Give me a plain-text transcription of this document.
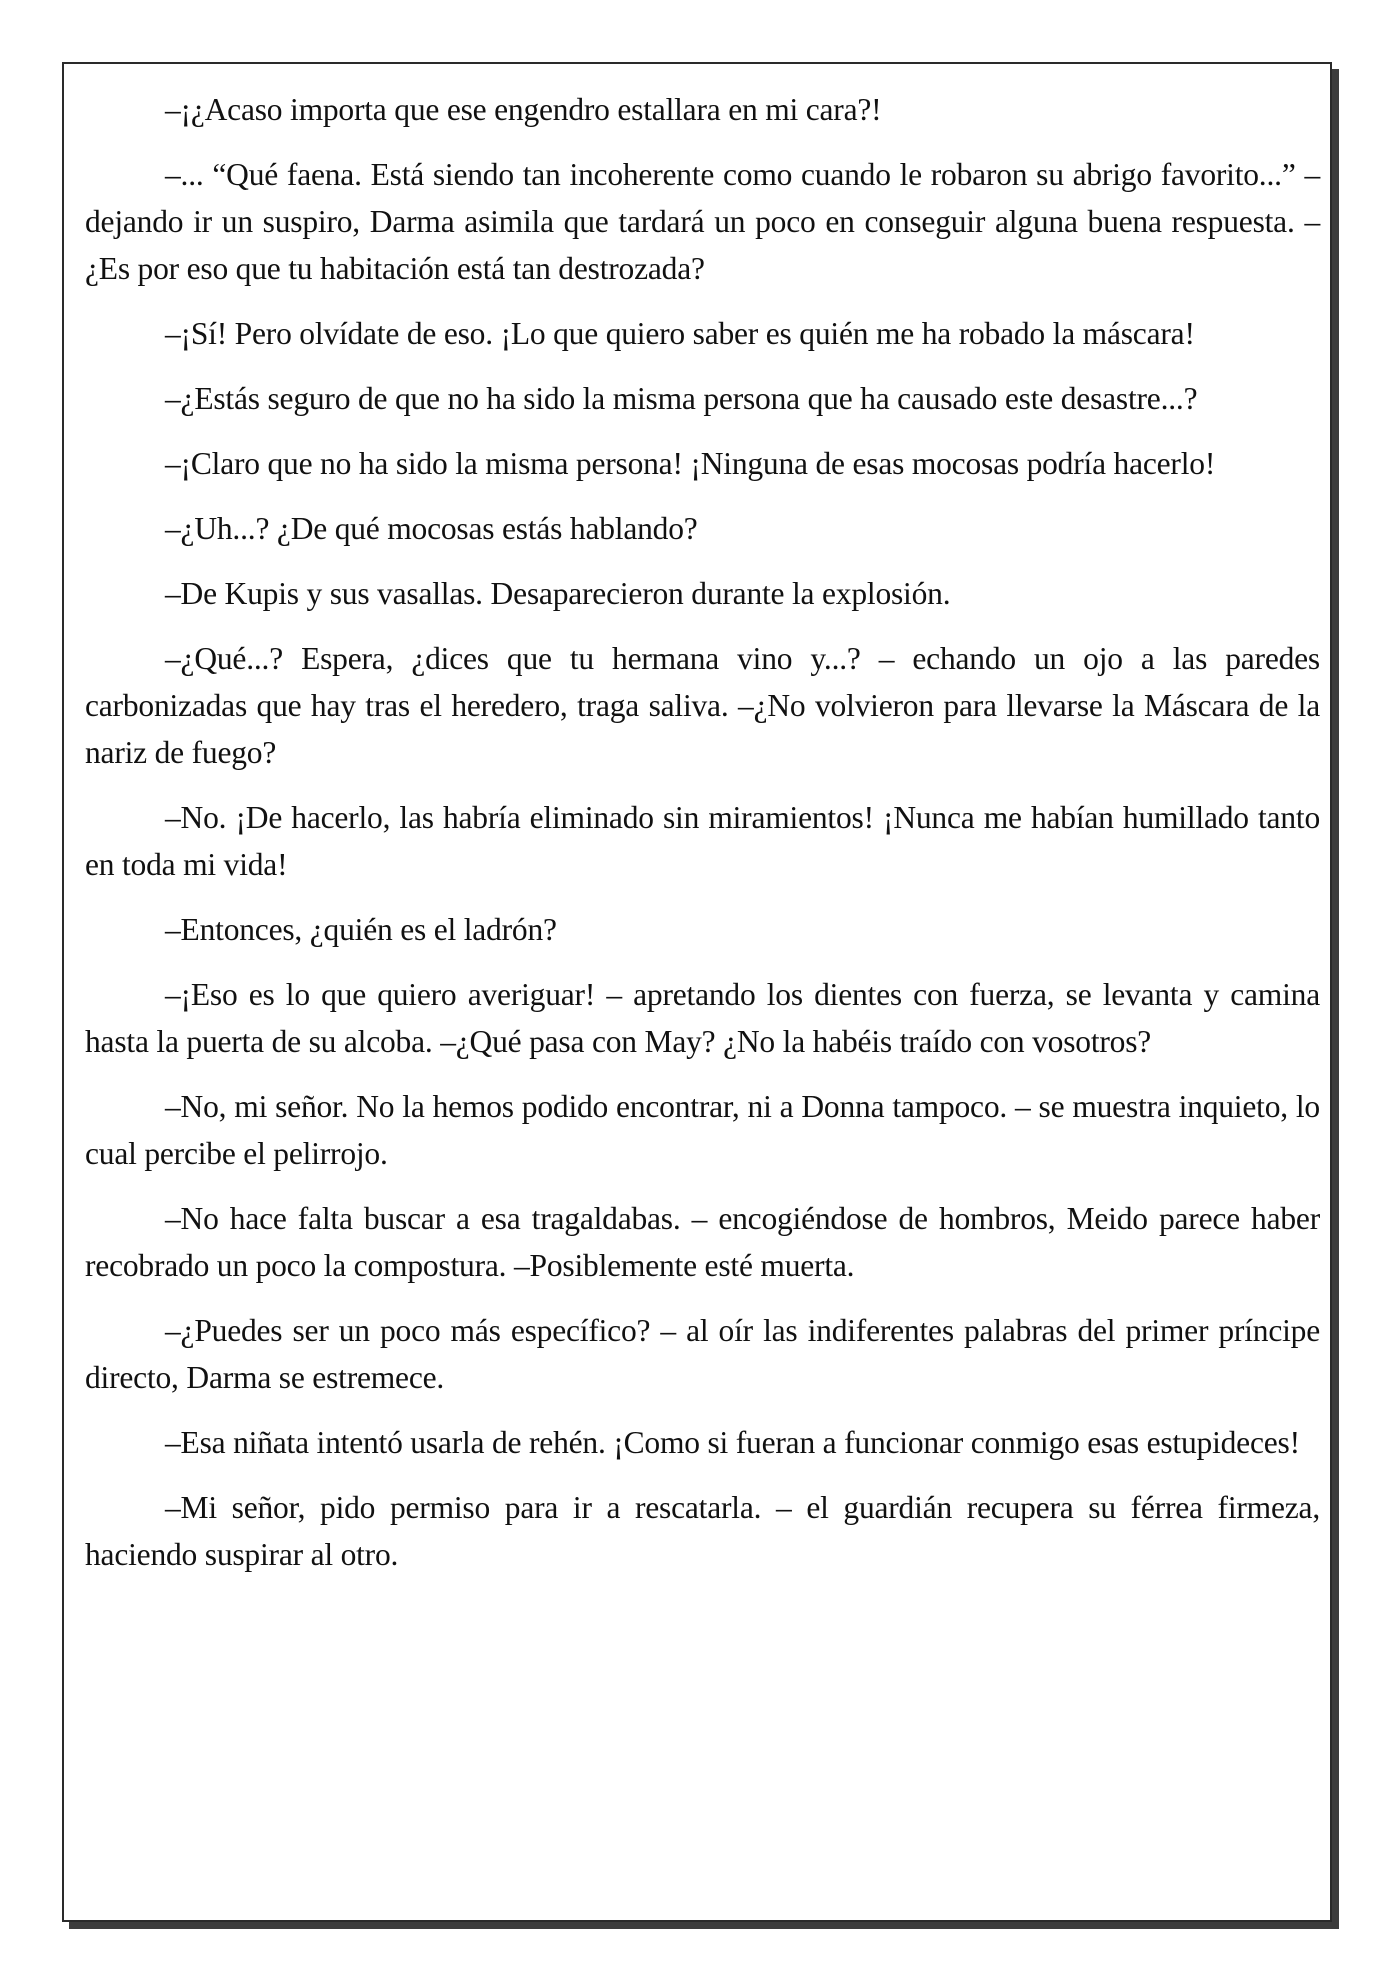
–¡¿Acaso importa que ese engendro estallara en mi cara?!

–... “Qué faena. Está siendo tan incoherente como cuando le robaron su abrigo favorito...” – dejando ir un suspiro, Darma asimila que tardará un poco en conseguir alguna buena respuesta. –¿Es por eso que tu habitación está tan destrozada?

–¡Sí! Pero olvídate de eso. ¡Lo que quiero saber es quién me ha robado la máscara!

–¿Estás seguro de que no ha sido la misma persona que ha causado este desastre...?

–¡Claro que no ha sido la misma persona! ¡Ninguna de esas mocosas podría hacerlo!

–¿Uh...? ¿De qué mocosas estás hablando?

–De Kupis y sus vasallas. Desaparecieron durante la explosión.

–¿Qué...? Espera, ¿dices que tu hermana vino y...? – echando un ojo a las paredes carbonizadas que hay tras el heredero, traga saliva. –¿No volvieron para llevarse la Máscara de la nariz de fuego?

–No. ¡De hacerlo, las habría eliminado sin miramientos! ¡Nunca me habían humillado tanto en toda mi vida!

–Entonces, ¿quién es el ladrón?

–¡Eso es lo que quiero averiguar! – apretando los dientes con fuerza, se levanta y camina hasta la puerta de su alcoba. –¿Qué pasa con May? ¿No la habéis traído con vosotros?

–No, mi señor. No la hemos podido encontrar, ni a Donna tampoco. – se muestra inquieto, lo cual percibe el pelirrojo.

–No hace falta buscar a esa tragaldabas. – encogiéndose de hombros, Meido parece haber recobrado un poco la compostura. –Posiblemente esté muerta.

–¿Puedes ser un poco más específico? – al oír las indiferentes palabras del primer príncipe directo, Darma se estremece.

–Esa niñata intentó usarla de rehén. ¡Como si fueran a funcionar conmigo esas estupideces!

–Mi señor, pido permiso para ir a rescatarla. – el guardián recupera su férrea firmeza, haciendo suspirar al otro.
